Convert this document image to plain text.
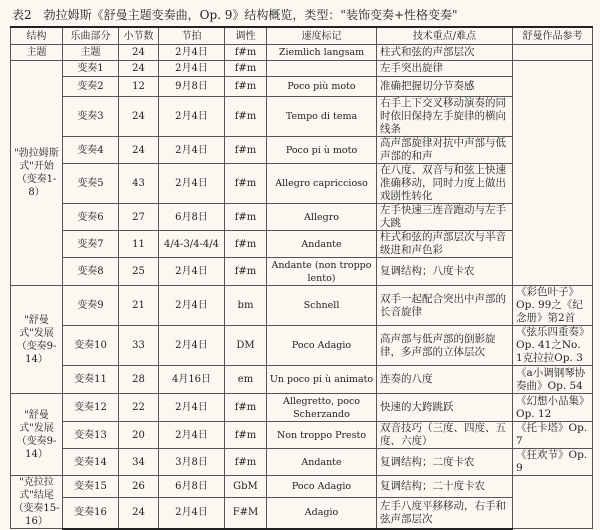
表2　勃拉姆斯《舒曼主题变奏曲，Op. 9》结构概览，类型："装饰变奏+性格变奏"
结构	乐曲部分	小节数	节拍	调性	速度标记	技术重点/难点	舒曼作品参考
主题	主题	24	2月4日	f#m	Ziemlich langsam	柱式和弦的声部层次	
"勃拉姆斯式"开始（变奏1-8）	变奏1	24	2月4日	f#m		左手突出旋律	
	变奏2	12	9月8日	f#m	Poco più moto	准确把握切分节奏感	
	变奏3	24	2月4日	f#m	Tempo di tema	右手上下交叉移动演奏的同时依旧保持左手旋律的横向线条	
	变奏4	24	2月4日	f#m	Poco pi ù moto	高声部旋律对抗中声部与低声部的和声	
	变奏5	43	2月4日	f#m	Allegro capriccioso	在八度、双音与和弦上快速准确移动，同时力度上做出戏剧性转化	
	变奏6	27	6月8日	f#m	Allegro	左手快速三连音跑动与左手大跳	
	变奏7	11	4/4-3/4-4/4	f#m	Andante	柱式和弦的声部层次与半音级进和声色彩	
	变奏8	25	2月4日	f#m	Andante (non troppo lento)	复调结构；八度卡农	
"舒曼式"发展（变奏9-14）	变奏9	21	2月4日	bm	Schnell	双手一起配合突出中声部的长音旋律	《彩色叶子》Op. 99之《纪念册》第2首
	变奏10	33	2月4日	DM	Poco Adagio	高声部与低声部的倒影旋律，多声部的立体层次	《弦乐四重奏》Op. 41之No. 1克拉拉Op. 3
	变奏11	28	4月16日	em	Un poco pi ù animato	连奏的八度	《a小调钢琴协奏曲》Op. 54
"舒曼式"发展（变奏9-14）	变奏12	22	2月4日	f#m	Allegretto, poco Scherzando	快速的大跨跳跃	《幻想小品集》Op. 12
	变奏13	20	2月4日	f#m	Non troppo Presto	双音技巧（三度、四度、五度、六度）	《托卡塔》Op. 7
	变奏14	34	3月8日	f#m	Andante	复调结构；二度卡农	《狂欢节》Op. 9
"克拉拉式"结尾（变奏15-16）	变奏15	26	6月8日	GbM	Poco Adagio	复调结构；二十度卡农	
	变奏16	24	2月4日	F#M	Adagio	左手八度平移移动，右手和弦声部层次	
